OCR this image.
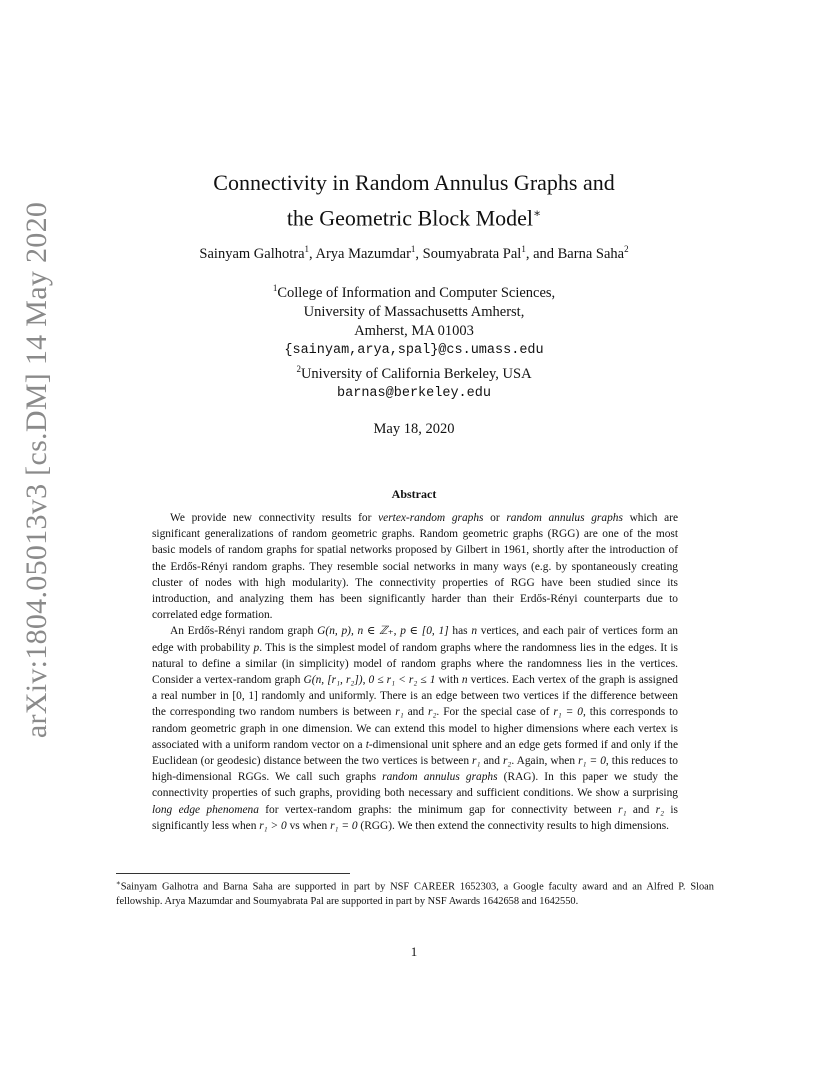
arXiv:1804.05013v3 [cs.DM] 14 May 2020
Connectivity in Random Annulus Graphs and
the Geometric Block Model∗
Sainyam Galhotra$^1$, Arya Mazumdar$^1$, Soumyabrata Pal$^1$, and Barna Saha$^2$
$^1$College of Information and Computer Sciences,
University of Massachusetts Amherst,
Amherst, MA 01003
{sainyam,arya,spal}@cs.umass.edu
$^2$University of California Berkeley, USA
barnas@berkeley.edu
May 18, 2020
Abstract

We provide new connectivity results for vertex-random graphs or random annulus graphs which are significant generalizations of random geometric graphs. Random geometric graphs (RGG) are one of the most basic models of random graphs for spatial networks proposed by Gilbert in 1961, shortly after the introduction of the Erdős-Rényi random graphs. They resemble social networks in many ways (e.g. by spontaneously creating cluster of nodes with high modularity). The connectivity properties of RGG have been studied since its introduction, and analyzing them has been significantly harder than their Erdős-Rényi counterparts due to correlated edge formation.

An Erdős-Rényi random graph G(n, p), n ∈ ℤ₊, p ∈ [0, 1] has n vertices, and each pair of vertices form an edge with probability p. This is the simplest model of random graphs where the randomness lies in the edges. It is natural to define a similar (in simplicity) model of random graphs where the randomness lies in the vertices. Consider a vertex-random graph G(n, [r₁, r₂]), 0 ≤ r₁ < r₂ ≤ 1 with n vertices. Each vertex of the graph is assigned a real number in [0, 1] randomly and uniformly. There is an edge between two vertices if the difference between the corresponding two random numbers is between r₁ and r₂. For the special case of r₁ = 0, this corresponds to random geometric graph in one dimension. We can extend this model to higher dimensions where each vertex is associated with a uniform random vector on a t-dimensional unit sphere and an edge gets formed if and only if the Euclidean (or geodesic) distance between the two vertices is between r₁ and r₂. Again, when r₁ = 0, this reduces to high-dimensional RGGs. We call such graphs random annulus graphs (RAG). In this paper we study the connectivity properties of such graphs, providing both necessary and sufficient conditions. We show a surprising long edge phenomena for vertex-random graphs: the minimum gap for connectivity between r₁ and r₂ is significantly less when r₁ > 0 vs when r₁ = 0 (RGG). We then extend the connectivity results to high dimensions.

∗Sainyam Galhotra and Barna Saha are supported in part by NSF CAREER 1652303, a Google faculty award and an Alfred P. Sloan fellowship. Arya Mazumdar and Soumyabrata Pal are supported in part by NSF Awards 1642658 and 1642550.
1
